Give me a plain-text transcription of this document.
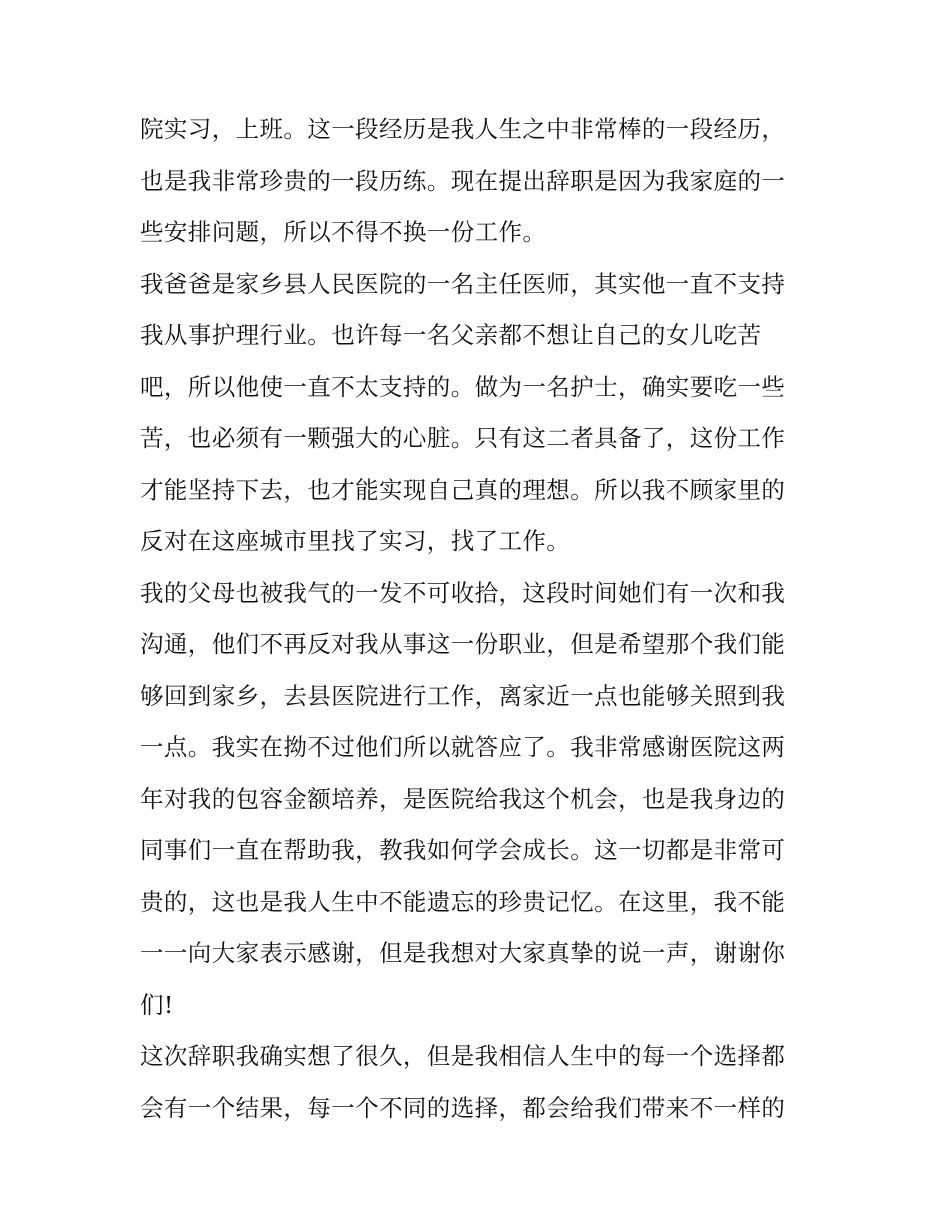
院实习，上班。这一段经历是我人生之中非常棒的一段经历，
也是我非常珍贵的一段历练。现在提出辞职是因为我家庭的一
些安排问题，所以不得不换一份工作。
我爸爸是家乡县人民医院的一名主任医师，其实他一直不支持
我从事护理行业。也许每一名父亲都不想让自己的女儿吃苦
吧，所以他使一直不太支持的。做为一名护士，确实要吃一些
苦，也必须有一颗强大的心脏。只有这二者具备了，这份工作
才能坚持下去，也才能实现自己真的理想。所以我不顾家里的
反对在这座城市里找了实习，找了工作。
我的父母也被我气的一发不可收拾，这段时间她们有一次和我
沟通，他们不再反对我从事这一份职业，但是希望那个我们能
够回到家乡，去县医院进行工作，离家近一点也能够关照到我
一点。我实在拗不过他们所以就答应了。我非常感谢医院这两
年对我的包容金额培养，是医院给我这个机会，也是我身边的
同事们一直在帮助我，教我如何学会成长。这一切都是非常可
贵的，这也是我人生中不能遗忘的珍贵记忆。在这里，我不能
一一向大家表示感谢，但是我想对大家真挚的说一声，谢谢你
们!
这次辞职我确实想了很久，但是我相信人生中的每一个选择都
会有一个结果，每一个不同的选择，都会给我们带来不一样的
